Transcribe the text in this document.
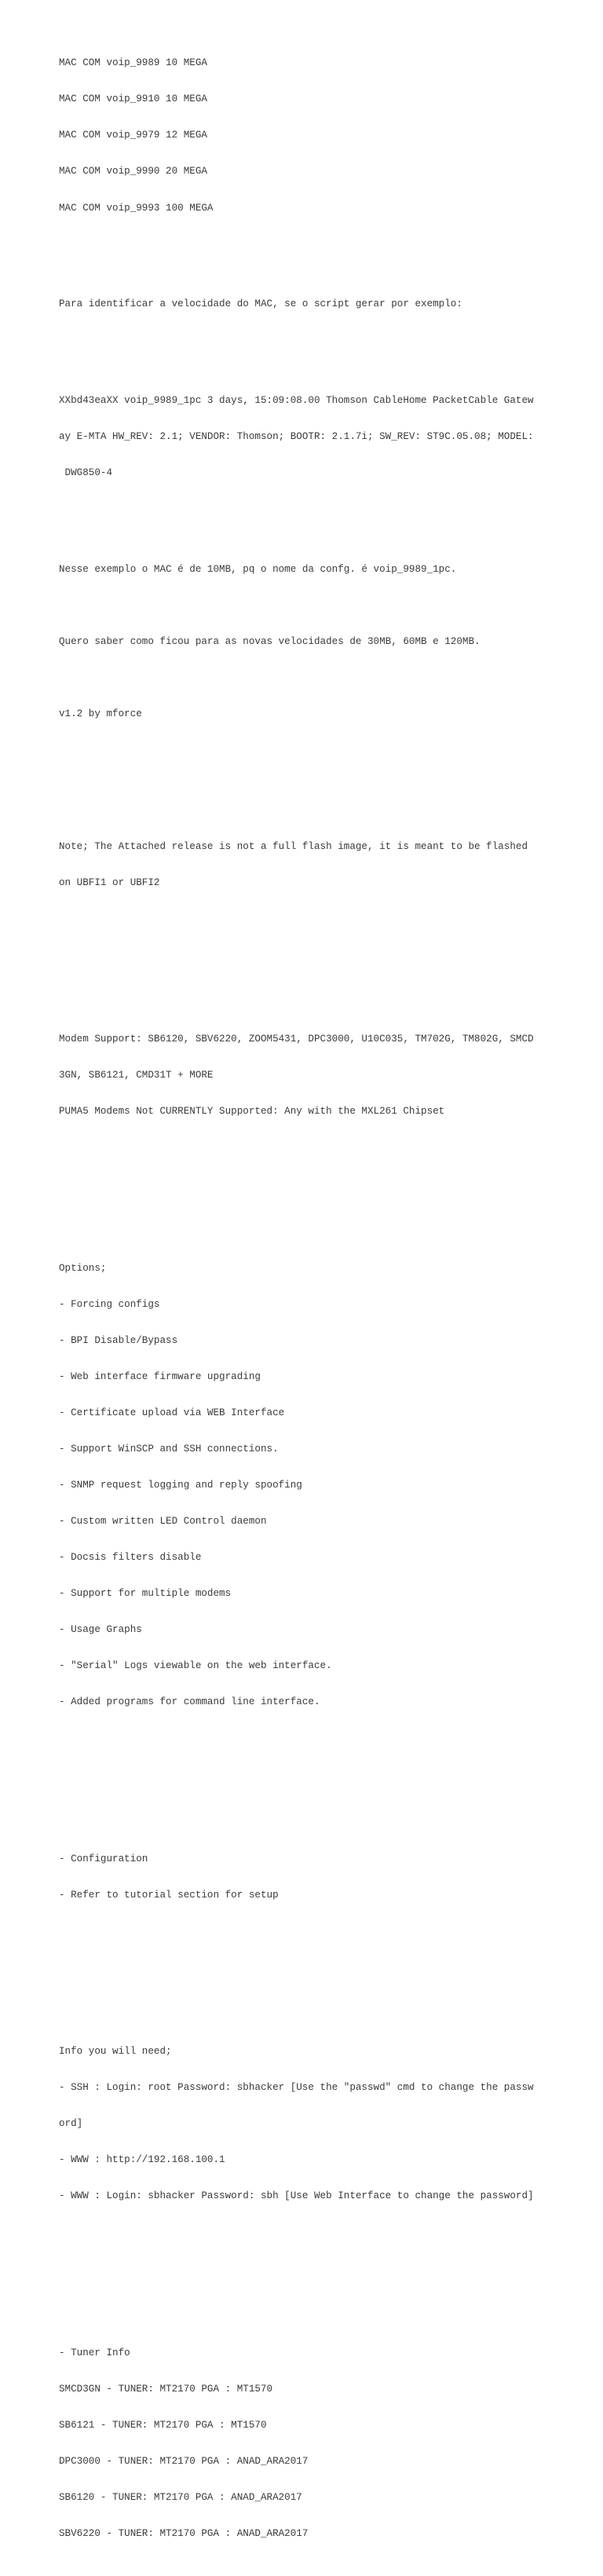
MAC COM voip_9989 10 MEGA

MAC COM voip_9910 10 MEGA

MAC COM voip_9979 12 MEGA

MAC COM voip_9990 20 MEGA

MAC COM voip_9993 100 MEGA

Para identificar a velocidade do MAC, se o script gerar por exemplo:

XXbd43eaXX voip_9989_1pc 3 days, 15:09:08.00 Thomson CableHome PacketCable Gatew

ay E-MTA HW_REV: 2.1; VENDOR: Thomson; BOOTR: 2.1.7i; SW_REV: ST9C.05.08; MODEL:

DWG850-4

Nesse exemplo o MAC é de 10MB, pq o nome da confg. é voip_9989_1pc.

Quero saber como ficou para as novas velocidades de 30MB, 60MB e 120MB.

v1.2 by mforce

Note; The Attached release is not a full flash image, it is meant to be flashed

on UBFI1 or UBFI2

Modem Support: SB6120, SBV6220, ZOOM5431, DPC3000, U10C035, TM702G, TM802G, SMCD

3GN, SB6121, CMD31T + MORE

PUMA5 Modems Not CURRENTLY Supported: Any with the MXL261 Chipset

Options;

- Forcing configs

- BPI Disable/Bypass

- Web interface firmware upgrading

- Certificate upload via WEB Interface

- Support WinSCP and SSH connections.

- SNMP request logging and reply spoofing

- Custom written LED Control daemon

- Docsis filters disable

- Support for multiple modems

- Usage Graphs

- "Serial" Logs viewable on the web interface.

- Added programs for command line interface.

- Configuration

- Refer to tutorial section for setup

Info you will need;

- SSH : Login: root Password: sbhacker [Use the "passwd" cmd to change the passw

ord]

- WWW : http://192.168.100.1

- WWW : Login: sbhacker Password: sbh [Use Web Interface to change the password]

- Tuner Info

SMCD3GN - TUNER: MT2170 PGA : MT1570

SB6121 - TUNER: MT2170 PGA : MT1570

DPC3000 - TUNER: MT2170 PGA : ANAD_ARA2017

SB6120 - TUNER: MT2170 PGA : ANAD_ARA2017

SBV6220 - TUNER: MT2170 PGA : ANAD_ARA2017
